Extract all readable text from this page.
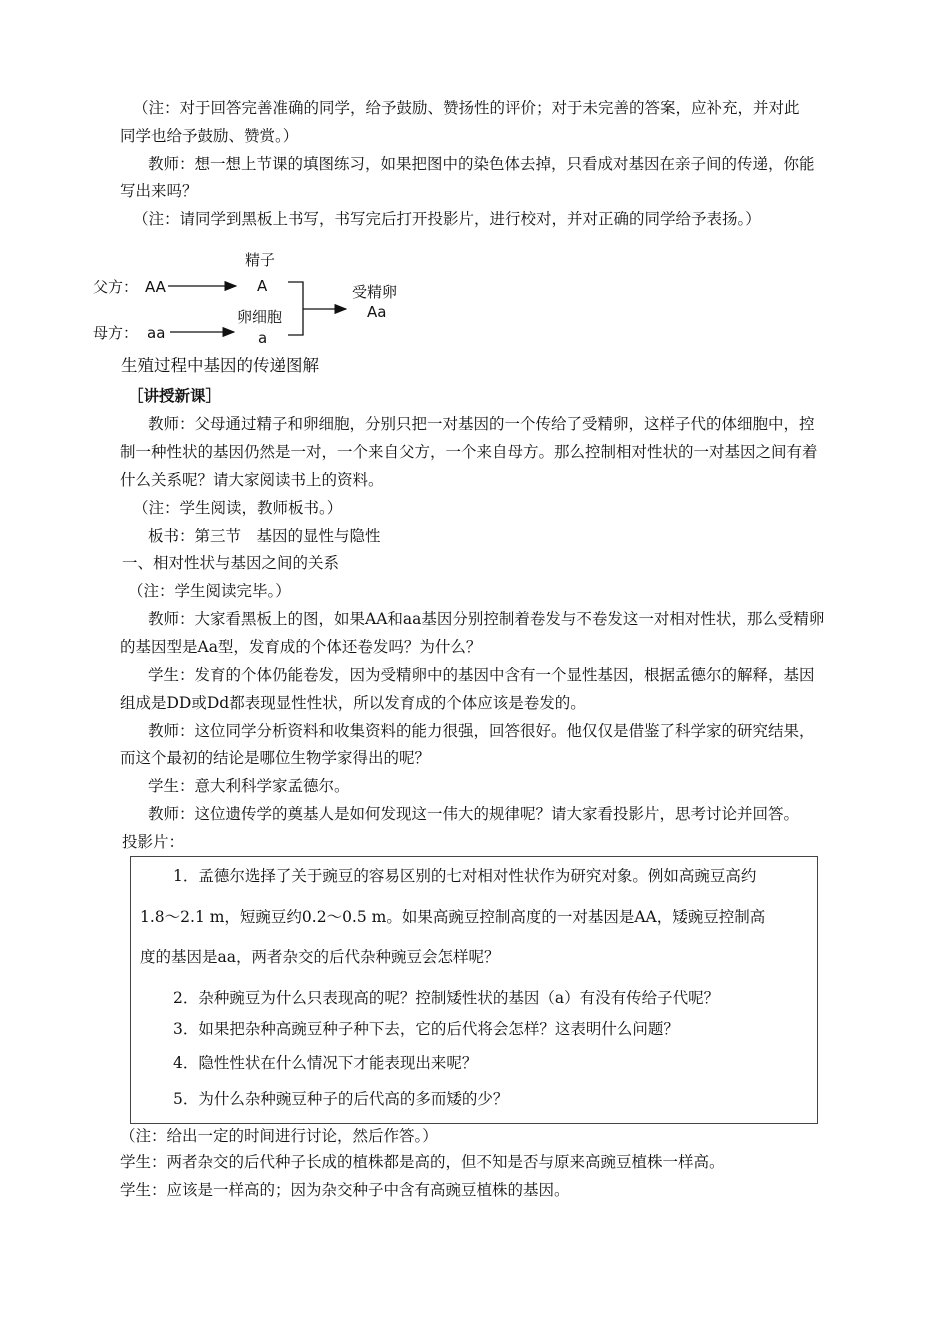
（注：对于回答完善准确的同学，给予鼓励、赞扬性的评价；对于未完善的答案，应补充，并对此
同学也给予鼓励、赞赏。）
教师：想一想上节课的填图练习，如果把图中的染色体去掉，只看成对基因在亲子间的传递，你能
写出来吗？
（注：请同学到黑板上书写，书写完后打开投影片，进行校对，并对正确的同学给予表扬。）
父方： AA
母方： aa
精子
A
卵细胞
a
受精卵
Aa
生殖过程中基因的传递图解
［讲授新课］
教师：父母通过精子和卵细胞，分别只把一对基因的一个传给了受精卵，这样子代的体细胞中，控
制一种性状的基因仍然是一对，一个来自父方，一个来自母方。那么控制相对性状的一对基因之间有着
什么关系呢？请大家阅读书上的资料。
（注：学生阅读，教师板书。）
板书：第三节　基因的显性与隐性
一、相对性状与基因之间的关系
（注：学生阅读完毕。）
教师：大家看黑板上的图，如果AA和aa基因分别控制着卷发与不卷发这一对相对性状，那么受精卵
的基因型是Aa型，发育成的个体还卷发吗？为什么？
学生：发育的个体仍能卷发，因为受精卵中的基因中含有一个显性基因，根据孟德尔的解释，基因
组成是DD或Dd都表现显性性状，所以发育成的个体应该是卷发的。
教师：这位同学分析资料和收集资料的能力很强，回答很好。他仅仅是借鉴了科学家的研究结果，
而这个最初的结论是哪位生物学家得出的呢？
学生：意大利科学家孟德尔。
教师：这位遗传学的奠基人是如何发现这一伟大的规律呢？请大家看投影片，思考讨论并回答。
投影片：
1．孟德尔选择了关于豌豆的容易区别的七对相对性状作为研究对象。例如高豌豆高约
1.8～2.1 m，短豌豆约0.2～0.5 m。如果高豌豆控制高度的一对基因是AA，矮豌豆控制高
度的基因是aa，两者杂交的后代杂种豌豆会怎样呢？
2．杂种豌豆为什么只表现高的呢？控制矮性状的基因（a）有没有传给子代呢？
3．如果把杂种高豌豆种子种下去，它的后代将会怎样？这表明什么问题？
4．隐性性状在什么情况下才能表现出来呢？
5．为什么杂种豌豆种子的后代高的多而矮的少？
（注：给出一定的时间进行讨论，然后作答。）
学生：两者杂交的后代种子长成的植株都是高的，但不知是否与原来高豌豆植株一样高。
学生：应该是一样高的；因为杂交种子中含有高豌豆植株的基因。
